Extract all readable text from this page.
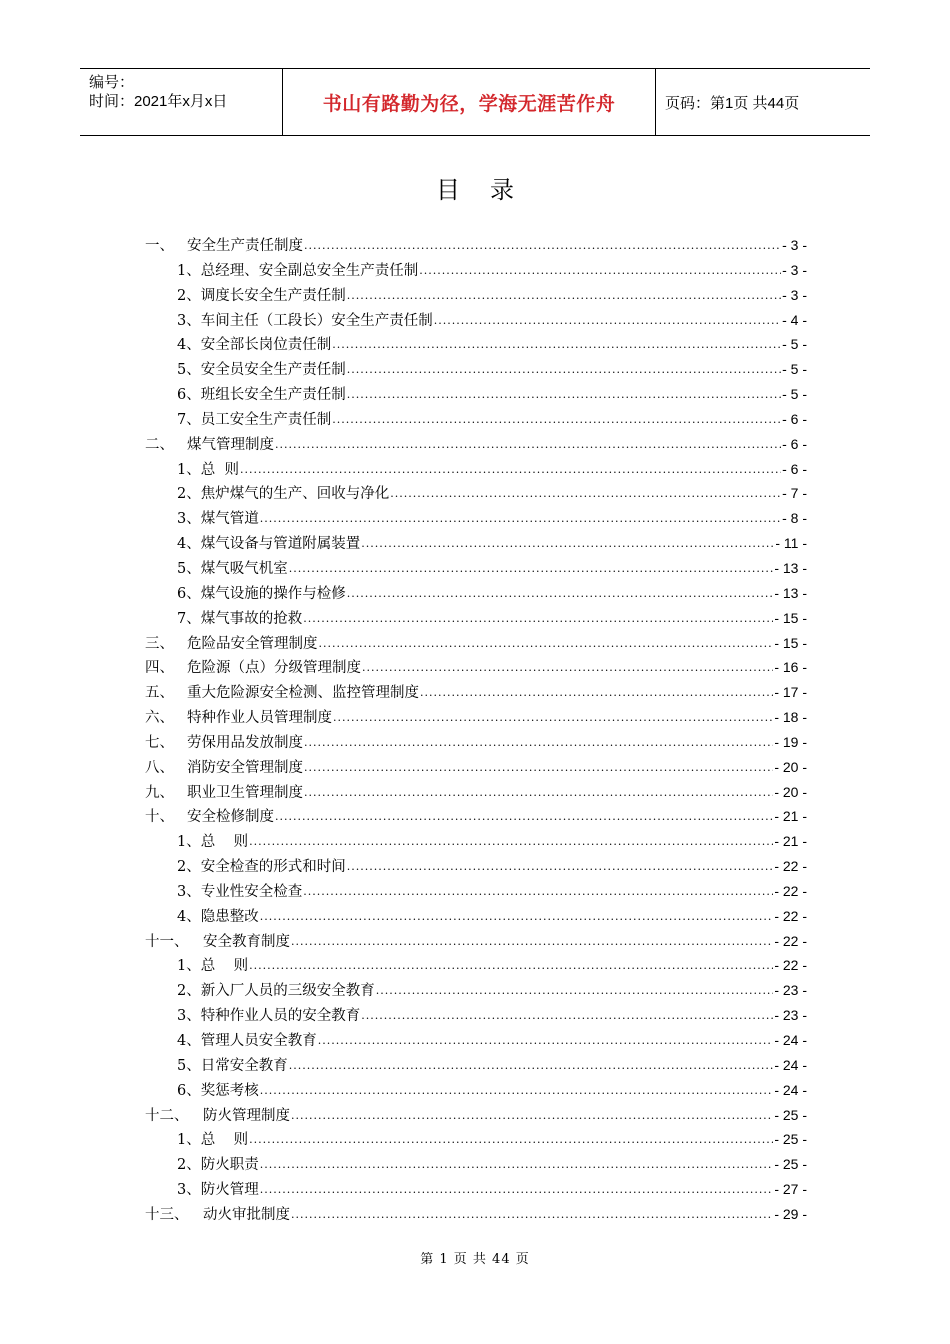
编号：
时间：2021年x月x日	书山有路勤为径，学海无涯苦作舟	页码：第1页 共44页
目录
一、 安全生产责任制度 .....	- 3 -
1、 总经理、安全副总安全生产责任制 .....	- 3 -
2、 调度长安全生产责任制 .....	- 3 -
3、 车间主任（工段长）安全生产责任制 .....	- 4 -
4、 安全部长岗位责任制 .....	- 5 -
5、 安全员安全生产责任制 .....	- 5 -
6、 班组长安全生产责任制 .....	- 5 -
7、 员工安全生产责任制 .....	- 6 -
二、 煤气管理制度 .....	- 6 -
1、 总  则 .....	- 6 -
2、 焦炉煤气的生产、回收与净化 .....	- 7 -
3、 煤气管道 .....	- 8 -
4、 煤气设备与管道附属装置 .....	- 11 -
5、 煤气吸气机室 .....	- 13 -
6、 煤气设施的操作与检修 .....	- 13 -
7、 煤气事故的抢救 .....	- 15 -
三、 危险品安全管理制度 .....	- 15 -
四、 危险源（点）分级管理制度 .....	- 16 -
五、 重大危险源安全检测、监控管理制度 .....	- 17 -
六、 特种作业人员管理制度 .....	- 18 -
七、 劳保用品发放制度 .....	- 19 -
八、 消防安全管理制度 .....	- 20 -
九、 职业卫生管理制度 .....	- 20 -
十、 安全检修制度 .....	- 21 -
1、 总    则 .....	- 21 -
2、 安全检查的形式和时间 .....	- 22 -
3、 专业性安全检查 .....	- 22 -
4、 隐患整改 .....	- 22 -
十一、	安全教育制度 .....	- 22 -
1、 总    则 .....	- 22 -
2、 新入厂人员的三级安全教育 .....	- 23 -
3、 特种作业人员的安全教育 .....	- 23 -
4、 管理人员安全教育 .....	- 24 -
5、 日常安全教育 .....	- 24 -
6、 奖惩考核 .....	- 24 -
十二、	防火管理制度 .....	- 25 -
1、 总    则 .....	- 25 -
2、 防火职责 .....	- 25 -
3、 防火管理 .....	- 27 -
十三、	动火审批制度 .....	- 29 -
第 1 页 共 44 页
